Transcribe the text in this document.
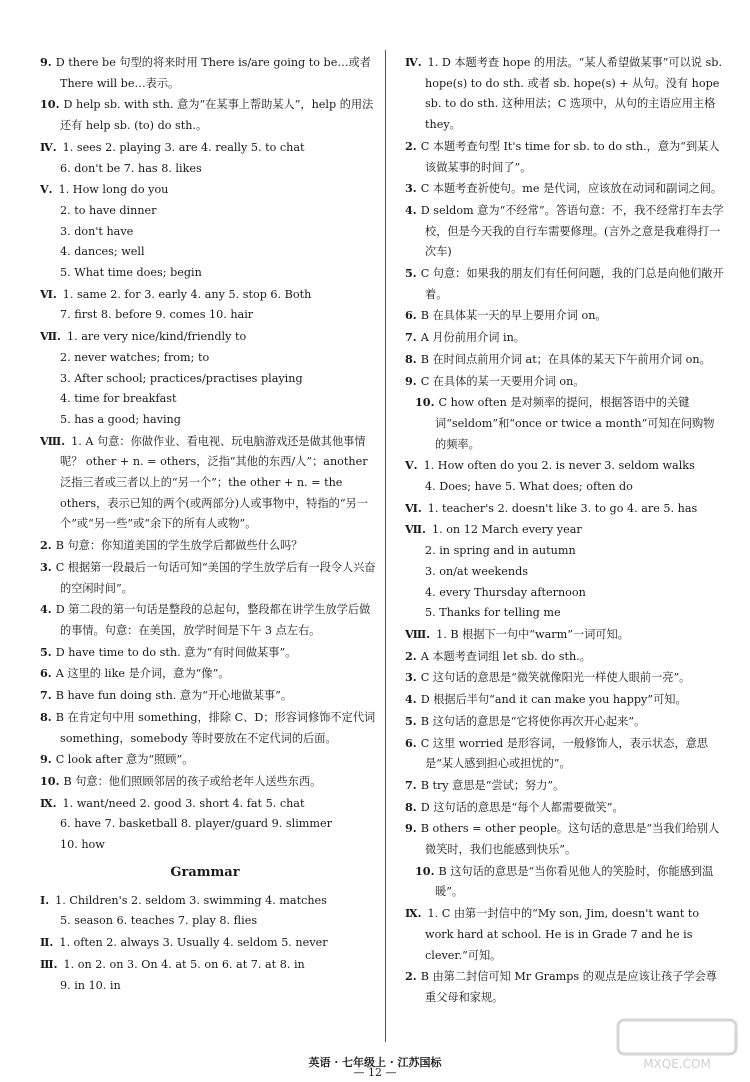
9. D there be 句型的将来时用 There is/are going to be…或者 There will be…表示。
10. D help sb. with sth. 意为“在某事上帮助某人”，help 的用法还有 help sb. (to) do sth.。
Ⅳ. 1. sees 2. playing 3. are 4. really 5. to chat
6. don't be 7. has 8. likes
Ⅴ. 1. How long do you
2. to have dinner
3. don't have
4. dances; well
5. What time does; begin
Ⅵ. 1. same 2. for 3. early 4. any 5. stop 6. Both
7. first 8. before 9. comes 10. hair
Ⅶ. 1. are very nice/kind/friendly to
2. never watches; from; to
3. After school; practices/practises playing
4. time for breakfast
5. has a good; having
Ⅷ. 1. A 句意：你做作业、看电视、玩电脑游戏还是做其他事情呢？ other + n. = others，泛指“其他的东西/人”；another 泛指三者或三者以上的“另一个”；the other + n. = the others，表示已知的两个(或两部分)人或事物中，特指的“另一个”或“另一些”或“余下的所有人或物”。
2. B 句意：你知道美国的学生放学后都做些什么吗？
3. C 根据第一段最后一句话可知“美国的学生放学后有一段令人兴奋的空闲时间”。
4. D 第二段的第一句话是整段的总起句，整段都在讲学生放学后做的事情。句意：在美国，放学时间是下午 3 点左右。
5. D have time to do sth. 意为“有时间做某事”。
6. A 这里的 like 是介词，意为“像”。
7. B have fun doing sth. 意为“开心地做某事”。
8. B 在肯定句中用 something，排除 C、D；形容词修饰不定代词 something，somebody 等时要放在不定代词的后面。
9. C look after 意为“照顾”。
10. B 句意：他们照顾邻居的孩子或给老年人送些东西。
Ⅸ. 1. want/need 2. good 3. short 4. fat 5. chat
6. have 7. basketball 8. player/guard 9. slimmer
10. how
Grammar
Ⅰ. 1. Children's 2. seldom 3. swimming 4. matches
5. season 6. teaches 7. play 8. flies
Ⅱ. 1. often 2. always 3. Usually 4. seldom 5. never
Ⅲ. 1. on 2. on 3. On 4. at 5. on 6. at 7. at 8. in
9. in 10. in
Ⅳ. 1. D 本题考查 hope 的用法。“某人希望做某事”可以说 sb. hope(s) to do sth. 或者 sb. hope(s) + 从句。没有 hope sb. to do sth. 这种用法；C 选项中，从句的主语应用主格 they。
2. C 本题考查句型 It's time for sb. to do sth.，意为“到某人该做某事的时间了”。
3. C 本题考查祈使句。me 是代词，应该放在动词和副词之间。
4. D seldom 意为“不经常”。答语句意：不，我不经常打车去学校，但是今天我的自行车需要修理。(言外之意是我难得打一次车)
5. C 句意：如果我的朋友们有任何问题，我的门总是向他们敞开着。
6. B 在具体某一天的早上要用介词 on。
7. A 月份前用介词 in。
8. B 在时间点前用介词 at；在具体的某天下午前用介词 on。
9. C 在具体的某一天要用介词 on。
10. C how often 是对频率的提问，根据答语中的关键词“seldom”和“once or twice a month”可知在问购物的频率。
Ⅴ. 1. How often do you 2. is never 3. seldom walks
4. Does; have 5. What does; often do
Ⅵ. 1. teacher's 2. doesn't like 3. to go 4. are 5. has
Ⅶ. 1. on 12 March every year
2. in spring and in autumn
3. on/at weekends
4. every Thursday afternoon
5. Thanks for telling me
Ⅷ. 1. B 根据下一句中“warm”一词可知。
2. A 本题考查词组 let sb. do sth.。
3. C 这句话的意思是“微笑就像阳光一样使人眼前一亮”。
4. D 根据后半句“and it can make you happy”可知。
5. B 这句话的意思是“它将使你再次开心起来”。
6. C 这里 worried 是形容词，一般修饰人，表示状态，意思是“某人感到担心或担忧的”。
7. B try 意思是“尝试；努力”。
8. D 这句话的意思是“每个人都需要微笑”。
9. B others = other people。这句话的意思是“当我们给别人微笑时，我们也能感到快乐”。
10. B 这句话的意思是“当你看见他人的笑脸时，你能感到温暖”。
Ⅸ. 1. C 由第一封信中的“My son, Jim, doesn't want to work hard at school. He is in Grade 7 and he is clever.”可知。
2. B 由第二封信可知 Mr Gramps 的观点是应该让孩子学会尊重父母和家规。
英语 · 七年级上 · 江苏国标
— 12 —
MXQE.COM
